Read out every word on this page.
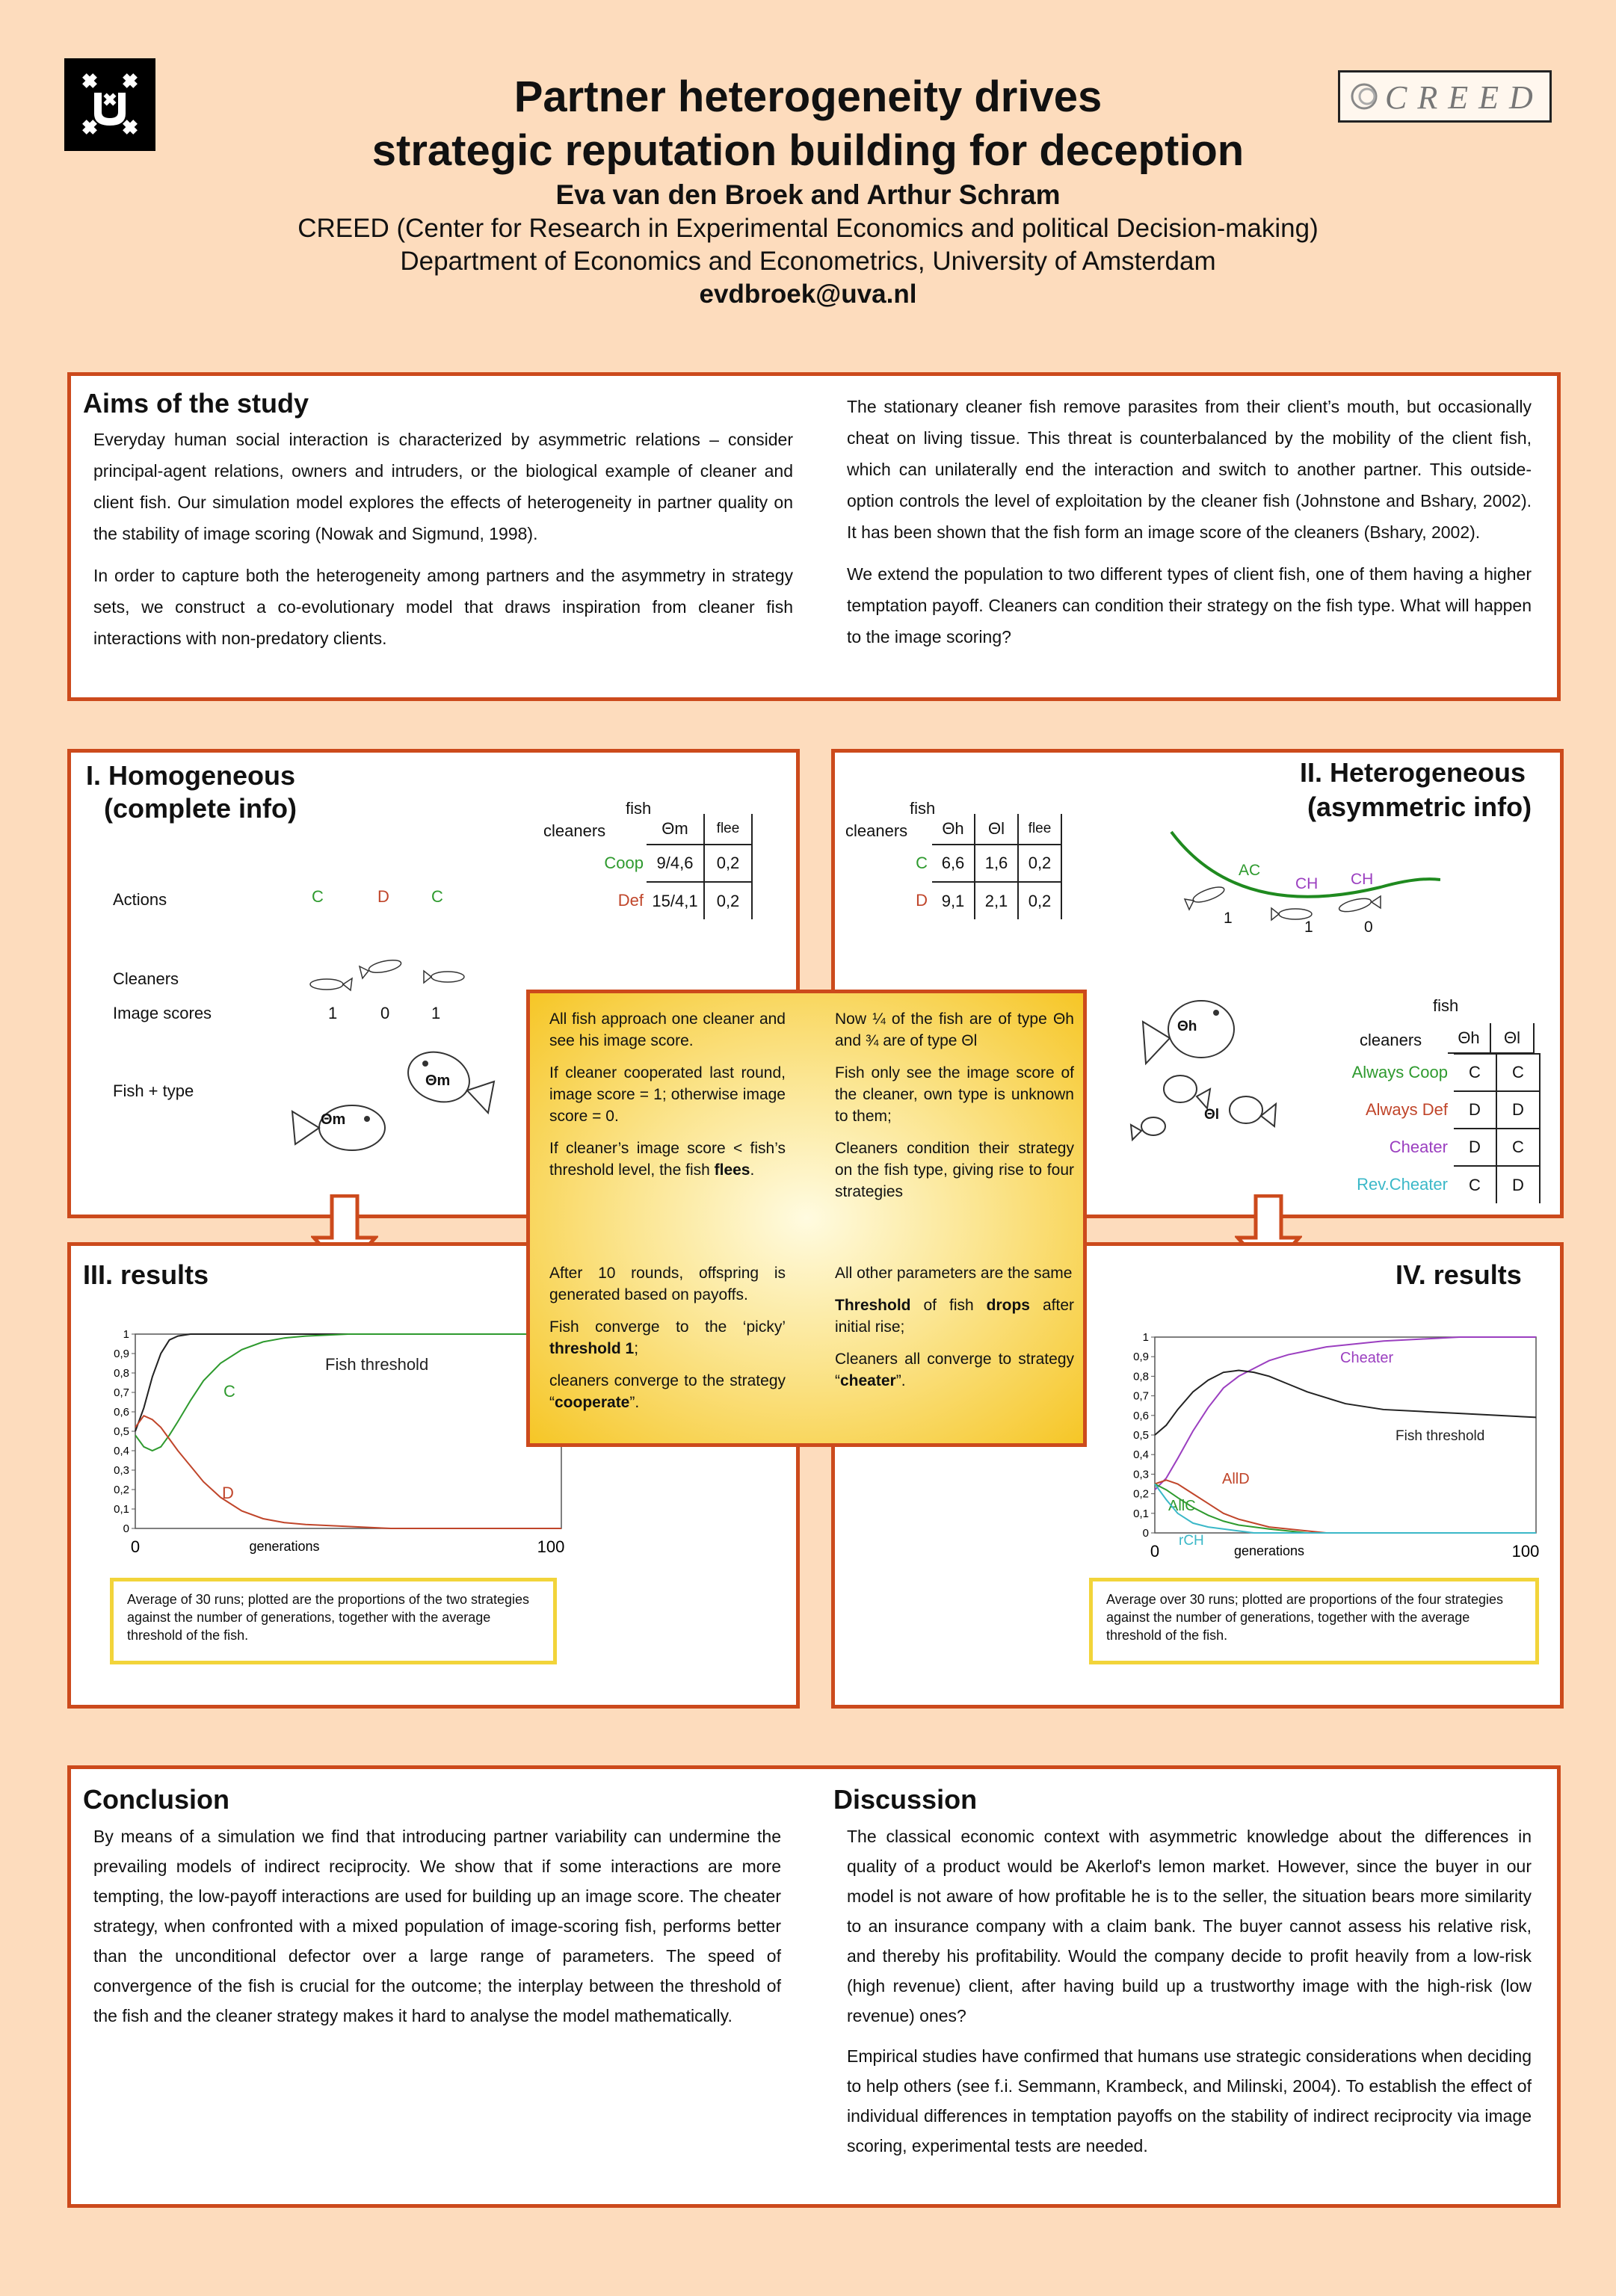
CREED
Partner heterogeneity drives
strategic reputation building for deception
Eva van den Broek and Arthur Schram
CREED (Center for Research in Experimental Economics and political Decision-making)
Department of Economics and Econometrics, University of Amsterdam
evdbroek@uva.nl
Aims of the study

Everyday human social interaction is characterized by asymmetric relations – consider principal-agent relations, owners and intruders, or the biological example of cleaner and client fish. Our simulation model explores the effects of heterogeneity in partner quality on the stability of image scoring (Nowak and Sigmund, 1998).

In order to capture both the heterogeneity among partners and the asymmetry in strategy sets, we construct a co-evolutionary model that draws inspiration from cleaner fish interactions with non-predatory clients.

The stationary cleaner fish remove parasites from their client’s mouth, but occasionally cheat on living tissue. This threat is counterbalanced by the mobility of the client fish, which can unilaterally end the interaction and switch to another partner. This outside-option controls the level of exploitation by the cleaner fish (Johnstone and Bshary, 2002). It has been shown that the fish form an image score of the cleaners (Bshary, 2002).

We extend the population to two different types of client fish, one of them having a higher temptation payoff. Cleaners can condition their strategy on the fish type. What will happen to the image scoring?

I. Homogeneous
(complete info)	fish
cleaners
		Θm	flee
Coop	9/4,6	0,2
Def	15/4,1	0,2
Actions	C	D	C
Cleaners
Image scores	1	0	1
Fish + type
Θm
Θm
II. Heterogeneous
(asymmetric info)
fish
cleaners
	Θh	Θl	flee
C	6,6	1,6	0,2
D	9,1	2,1	0,2
AC
CH CH
1
1	0
Θh
Θl
fish
cleaners
	Θh	Θl
Always Coop	C	C
Always Def	D	D
Cheater	D	C
Rev.Cheater	C	D
III. results
0
0,1
0,2
0,3
0,4
0,5
0,6
0,7
0,8
0,9
1
0	100
generations
Fish threshold
C
D
Average of 30 runs; plotted are the proportions of the two strategies against the number of generations, together with the average threshold of the fish.
IV. results
0
0,1
0,2
0,3
0,4
0,5
0,6
0,7
0,8
0,9
1
0	100
generations
Cheater
Fish threshold
AllD
AllC
rCH
Average over 30 runs; plotted are proportions of the four strategies against the number of generations, together with the average threshold of the fish.

All fish approach one cleaner and see his image score.

If cleaner cooperated last round, image score = 1; otherwise image score = 0.

If cleaner’s image score < fish’s threshold level, the fish flees.

Now ¼ of the fish are of type Θh and ¾ are of type Θl

Fish only see the image score of the cleaner, own type is unknown to them;

Cleaners condition their strategy on the fish type, giving rise to four strategies

After 10 rounds, offspring is generated based on payoffs.

Fish converge to the ‘picky’ threshold 1;

cleaners converge to the strategy “cooperate”.

All other parameters are the same

Threshold of fish drops after initial rise;

Cleaners all converge to strategy “cheater”.

Conclusion
By means of a simulation we find that introducing partner variability can undermine the prevailing models of indirect reciprocity. We show that if some interactions are more tempting, the low-payoff interactions are used for building up an image score. The cheater strategy, when confronted with a mixed population of image-scoring fish, performs better than the unconditional defector over a large range of parameters. The speed of convergence of the fish is crucial for the outcome; the interplay between the threshold of the fish and the cleaner strategy makes it hard to analyse the model mathematically.
Discussion

The classical economic context with asymmetric knowledge about the differences in quality of a product would be Akerlof's lemon market. However, since the buyer in our model is not aware of how profitable he is to the seller, the situation bears more similarity to an insurance company with a claim bank. The buyer cannot assess his relative risk, and thereby his profitability. Would the company decide to profit heavily from a low-risk (high revenue) client, after having build up a trustworthy image with the high-risk (low revenue) ones?

Empirical studies have confirmed that humans use strategic considerations when deciding to help others (see f.i. Semmann, Krambeck, and Milinski, 2004). To establish the effect of individual differences in temptation payoffs on the stability of indirect reciprocity via image scoring, experimental tests are needed.
